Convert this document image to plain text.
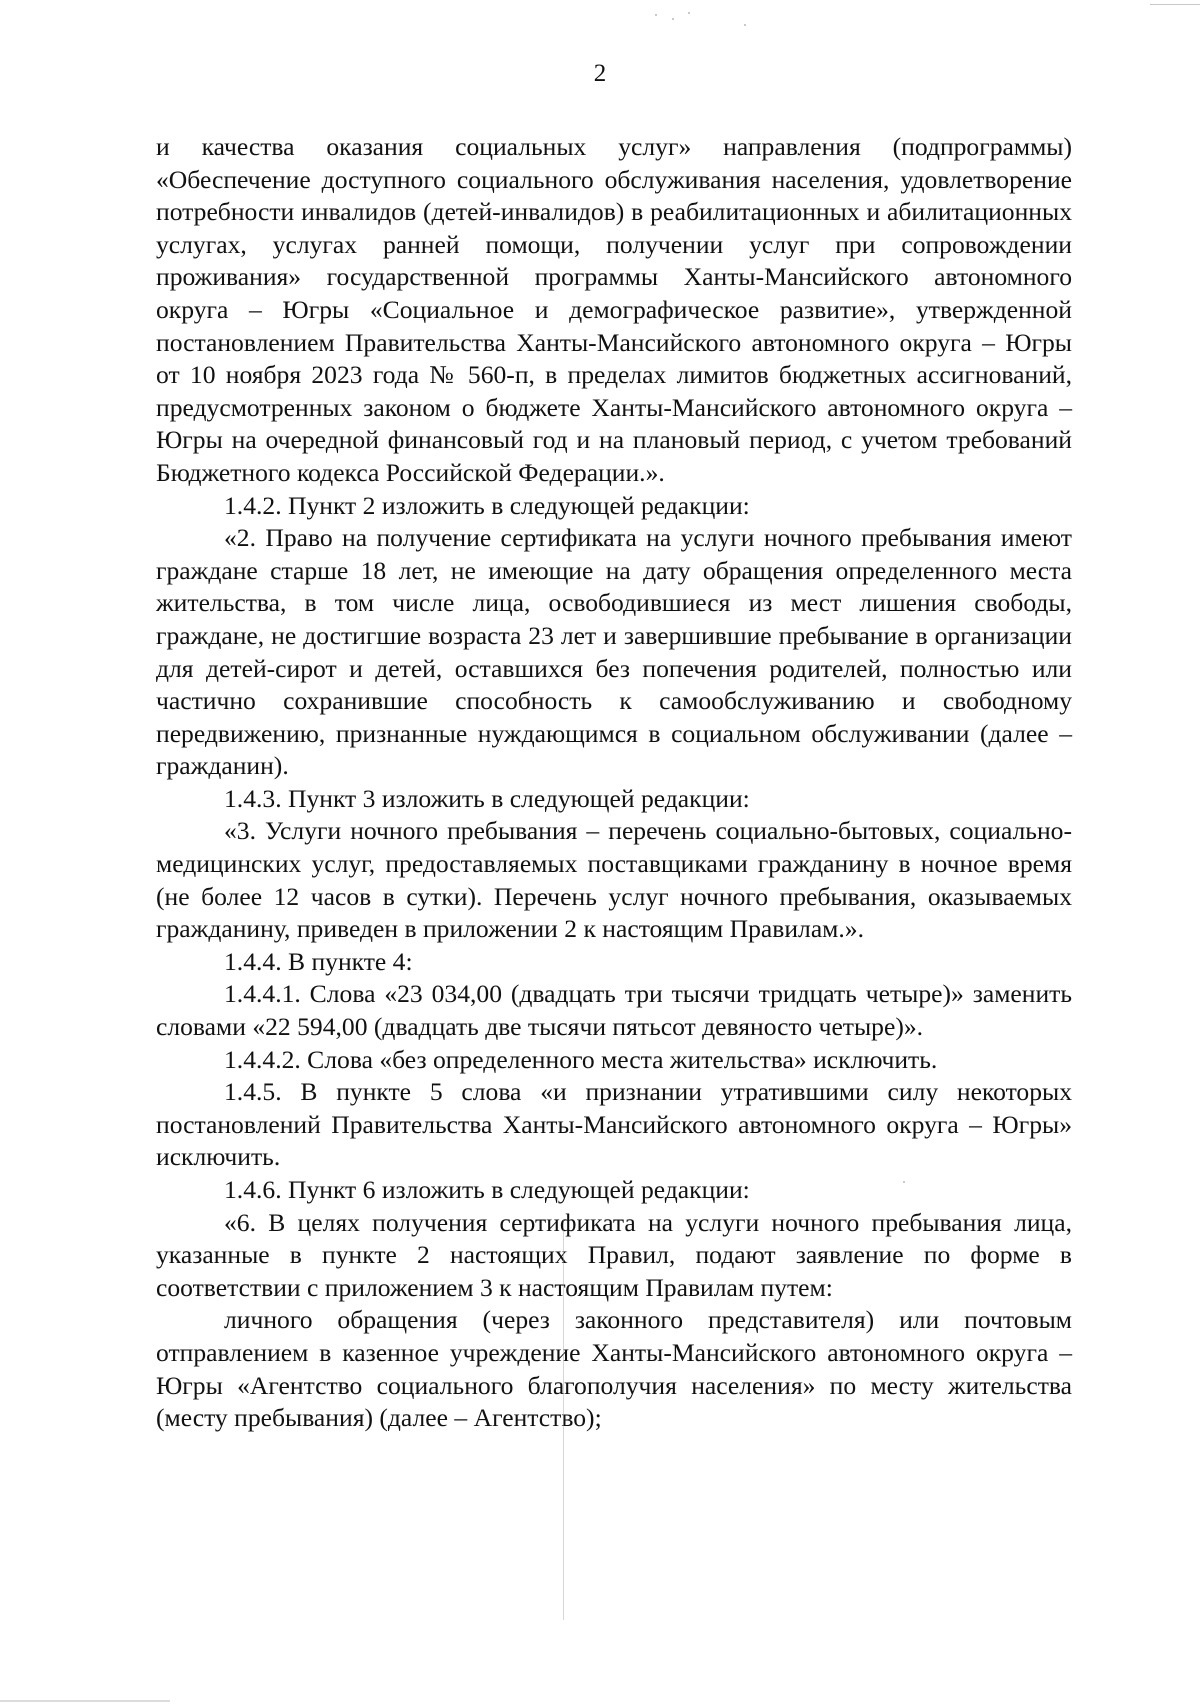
2

и качества оказания социальных услуг» направления (подпрограммы) «Обеспечение доступного социального обслуживания населения, удовлетворение потребности инвалидов (детей-инвалидов) в реабилитационных и абилитационных услугах, услугах ранней помощи, получении услуг при сопровождении проживания» государственной программы Ханты-Мансийского автономного округа – Югры «Социальное и демографическое развитие», утвержденной постановлением Правительства Ханты-Мансийского автономного округа – Югры от 10 ноября 2023 года № 560-п, в пределах лимитов бюджетных ассигнований, предусмотренных законом о бюджете Ханты-Мансийского автономного округа – Югры на очередной финансовый год и на плановый период, с учетом требований Бюджетного кодекса Российской Федерации.».

1.4.2. Пункт 2 изложить в следующей редакции:

«2. Право на получение сертификата на услуги ночного пребывания имеют граждане старше 18 лет, не имеющие на дату обращения определенного места жительства, в том числе лица, освободившиеся из мест лишения свободы, граждане, не достигшие возраста 23 лет и завершившие пребывание в организации для детей-сирот и детей, оставшихся без попечения родителей, полностью или частично сохранившие способность к самообслуживанию и свободному передвижению, признанные нуждающимся в социальном обслуживании (далее – гражданин).

1.4.3. Пункт 3 изложить в следующей редакции:

«3. Услуги ночного пребывания – перечень социально-бытовых, социально-медицинских услуг, предоставляемых поставщиками гражданину в ночное время (не более 12 часов в сутки). Перечень услуг ночного пребывания, оказываемых гражданину, приведен в приложении 2 к настоящим Правилам.».

1.4.4. В пункте 4:

1.4.4.1. Слова «23 034,00 (двадцать три тысячи тридцать четыре)» заменить словами «22 594,00 (двадцать две тысячи пятьсот девяносто четыре)».

1.4.4.2. Слова «без определенного места жительства» исключить.

1.4.5. В пункте 5 слова «и признании утратившими силу некоторых постановлений Правительства Ханты-Мансийского автономного округа – Югры» исключить.

1.4.6. Пункт 6 изложить в следующей редакции:

«6. В целях получения сертификата на услуги ночного пребывания лица, указанные в пункте 2 настоящих Правил, подают заявление по форме в соответствии с приложением 3 к настоящим Правилам путем:

личного обращения (через законного представителя) или почтовым отправлением в казенное учреждение Ханты-Мансийского автономного округа – Югры «Агентство социального благополучия населения» по месту жительства (месту пребывания) (далее – Агентство);
